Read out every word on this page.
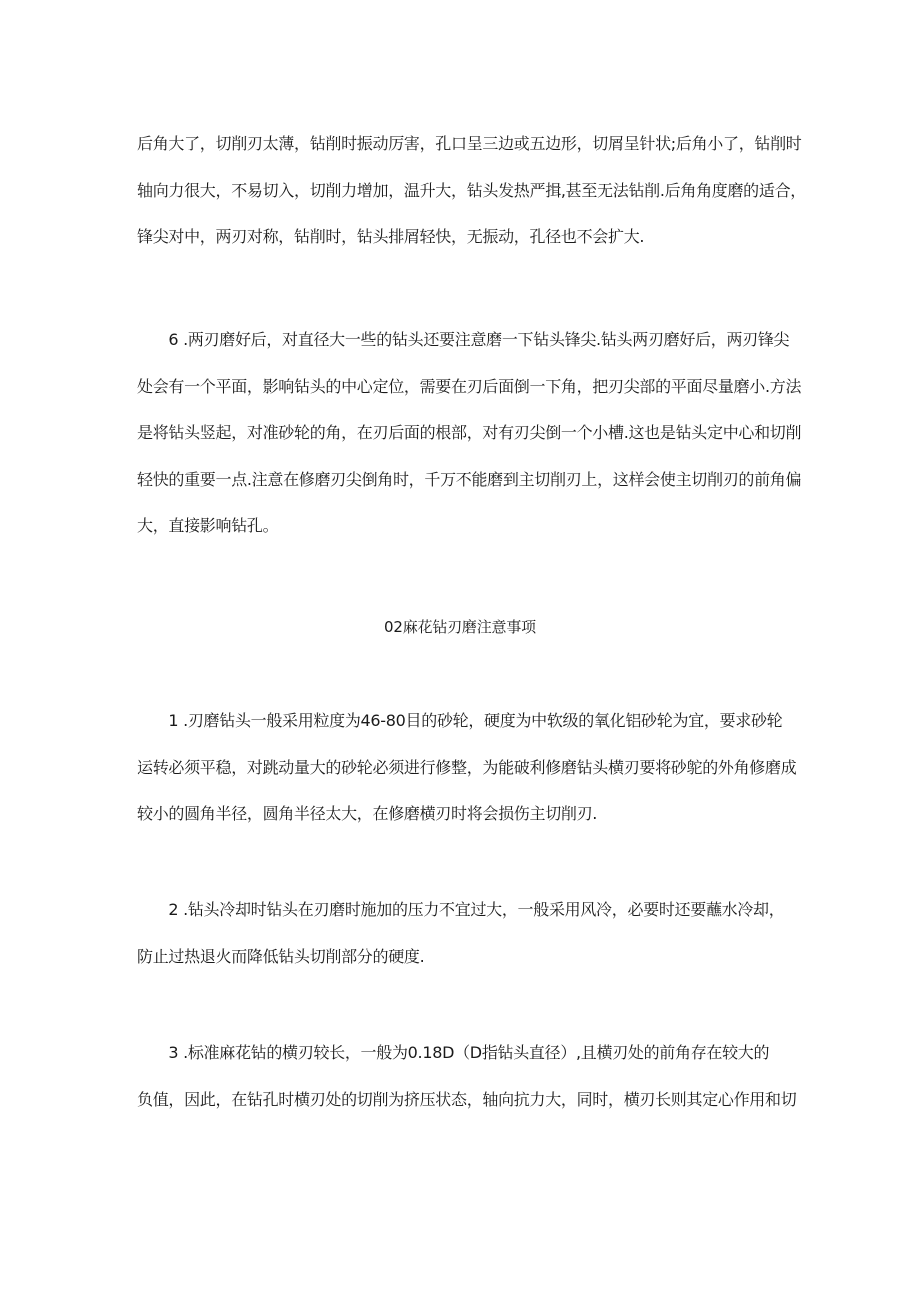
后角大了，切削刃太薄，钻削时振动厉害，孔口呈三边或五边形，切屑呈针状;后角小了，钻削时
轴向力很大，不易切入，切削力增加，温升大，钻头发热严揖,甚至无法钻削.后角角度磨的适合，
锋尖对中，两刃对称，钻削时，钻头排屑轻快，无振动，孔径也不会扩大.

　　6 .两刃磨好后，对直径大一些的钻头还要注意磨一下钻头锋尖.钻头两刃磨好后，两刃锋尖
处会有一个平面，影响钻头的中心定位，需要在刃后面倒一下角，把刃尖部的平面尽量磨小.方法
是将钻头竖起，对准砂轮的角，在刃后面的根部，对有刃尖倒一个小槽.这也是钻头定中心和切削
轻快的重要一点.注意在修磨刃尖倒角时，千万不能磨到主切削刃上，这样会使主切削刃的前角偏
大，直接影响钻孔。

02麻花钻刃磨注意事项

　　1 .刃磨钻头一般采用粒度为46-80目的砂轮，硬度为中软级的氧化铝砂轮为宜，要求砂轮
运转必须平稳，对跳动量大的砂轮必须进行修整，为能破利修磨钻头横刃要将砂鸵的外角修磨成
较小的圆角半径，圆角半径太大，在修磨横刃时将会损伤主切削刃.

　　2 .钻头冷却时钻头在刃磨时施加的压力不宜过大，一般采用风冷，必要时还要蘸水冷却，
防止过热退火而降低钻头切削部分的硬度.

　　3 .标准麻花钻的横刃较长，一般为0.18D（D指钻头直径）,且横刃处的前角存在较大的
负值，因此，在钻孔时横刃处的切削为挤压状态，轴向抗力大，同时，横刃长则其定心作用和切
